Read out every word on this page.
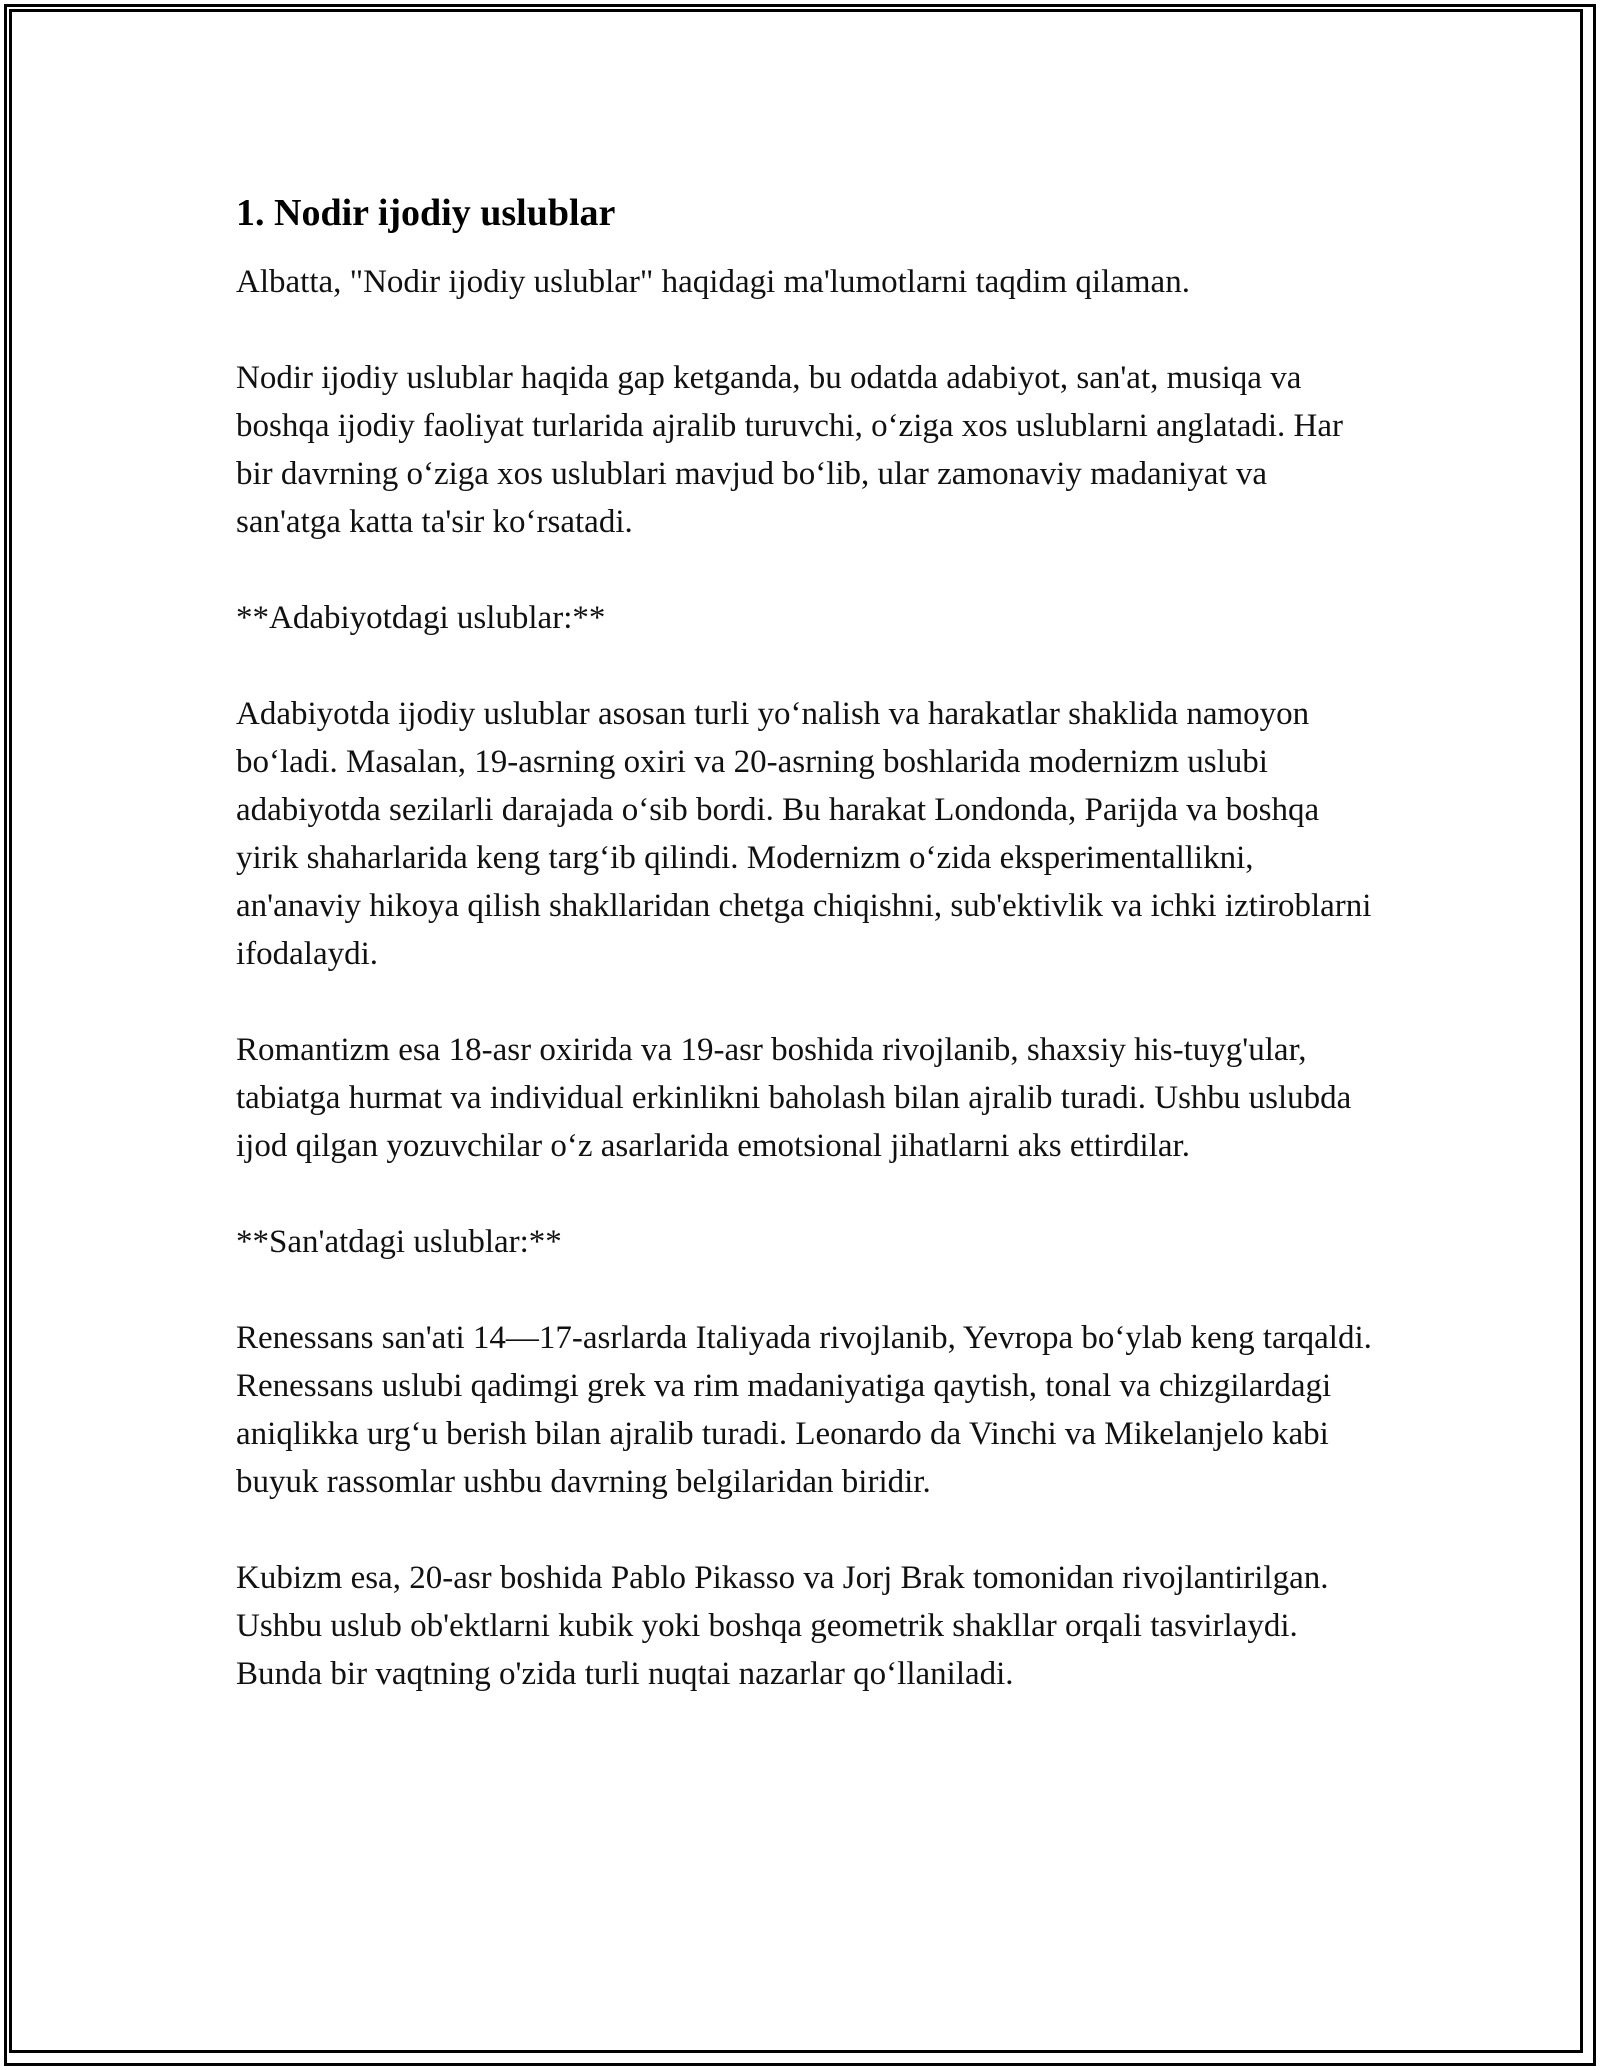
1. Nodir ijodiy uslublar

Albatta, "Nodir ijodiy uslublar" haqidagi ma'lumotlarni taqdim qilaman.

Nodir ijodiy uslublar haqida gap ketganda, bu odatda adabiyot, san'at, musiqa va boshqa ijodiy faoliyat turlarida ajralib turuvchi, o‘ziga xos uslublarni anglatadi. Har bir davrning o‘ziga xos uslublari mavjud bo‘lib, ular zamonaviy madaniyat va san'atga katta ta'sir ko‘rsatadi.

**Adabiyotdagi uslublar:**

Adabiyotda ijodiy uslublar asosan turli yo‘nalish va harakatlar shaklida namoyon bo‘ladi. Masalan, 19-asrning oxiri va 20-asrning boshlarida modernizm uslubi adabiyotda sezilarli darajada o‘sib bordi. Bu harakat Londonda, Parijda va boshqa yirik shaharlarida keng targ‘ib qilindi. Modernizm o‘zida eksperimentallikni, an'anaviy hikoya qilish shakllaridan chetga chiqishni, sub'ektivlik va ichki iztiroblarni ifodalaydi.

Romantizm esa 18-asr oxirida va 19-asr boshida rivojlanib, shaxsiy his-tuyg'ular, tabiatga hurmat va individual erkinlikni baholash bilan ajralib turadi. Ushbu uslubda ijod qilgan yozuvchilar o‘z asarlarida emotsional jihatlarni aks ettirdilar.

**San'atdagi uslublar:**

Renessans san'ati 14—17-asrlarda Italiyada rivojlanib, Yevropa bo‘ylab keng tarqaldi. Renessans uslubi qadimgi grek va rim madaniyatiga qaytish, tonal va chizgilardagi aniqlikka urg‘u berish bilan ajralib turadi. Leonardo da Vinchi va Mikelanjelo kabi buyuk rassomlar ushbu davrning belgilaridan biridir.

Kubizm esa, 20-asr boshida Pablo Pikasso va Jorj Brak tomonidan rivojlantirilgan. Ushbu uslub ob'ektlarni kubik yoki boshqa geometrik shakllar orqali tasvirlaydi. Bunda bir vaqtning o'zida turli nuqtai nazarlar qo‘llaniladi.
